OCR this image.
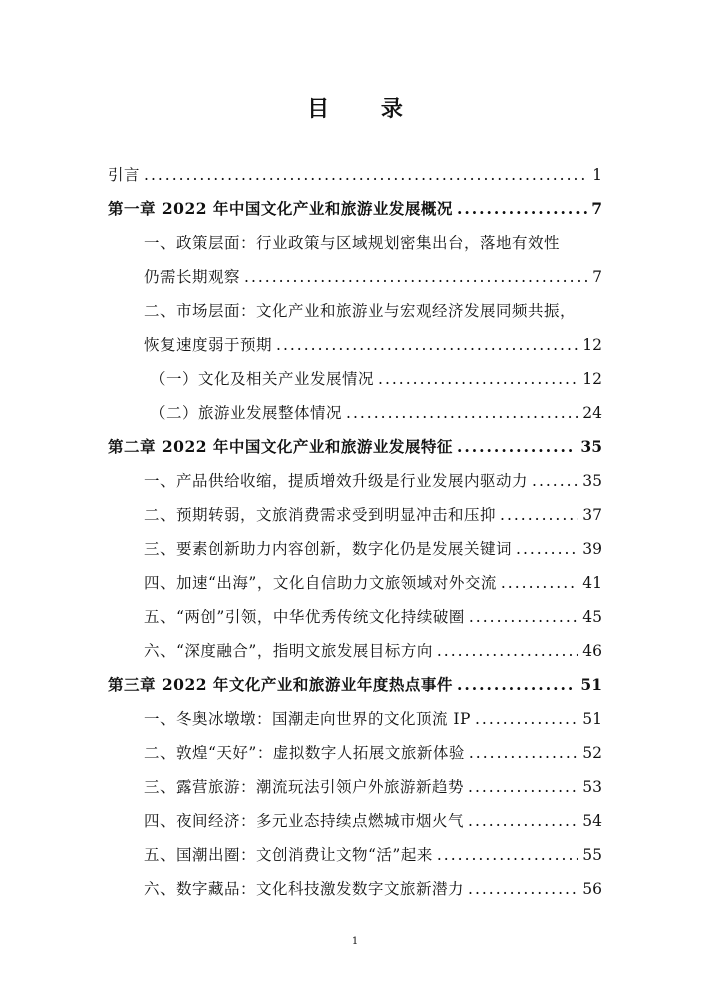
目 录
引言 .....	1
第一章 2022 年中国文化产业和旅游业发展概况 .....	7
一、政策层面：行业政策与区域规划密集出台，落地有效性
仍需长期观察 .....	7
二、市场层面：文化产业和旅游业与宏观经济发展同频共振，
恢复速度弱于预期 .....	12
（一）文化及相关产业发展情况 .....	12
（二）旅游业发展整体情况 .....	24
第二章 2022 年中国文化产业和旅游业发展特征 .....	35
一、产品供给收缩，提质增效升级是行业发展内驱动力 .....	35
二、预期转弱，文旅消费需求受到明显冲击和压抑 .....	37
三、要素创新助力内容创新，数字化仍是发展关键词 .....	39
四、加速“出海”，文化自信助力文旅领域对外交流 .....	41
五、“两创”引领，中华优秀传统文化持续破圈 .....	45
六、“深度融合”，指明文旅发展目标方向 .....	46
第三章 2022 年文化产业和旅游业年度热点事件 .....	51
一、冬奥冰墩墩：国潮走向世界的文化顶流 IP .....	51
二、敦煌“天好”：虚拟数字人拓展文旅新体验 .....	52
三、露营旅游：潮流玩法引领户外旅游新趋势 .....	53
四、夜间经济：多元业态持续点燃城市烟火气 .....	54
五、国潮出圈：文创消费让文物“活”起来 .....	55
六、数字藏品：文化科技激发数字文旅新潜力 .....	56
1
